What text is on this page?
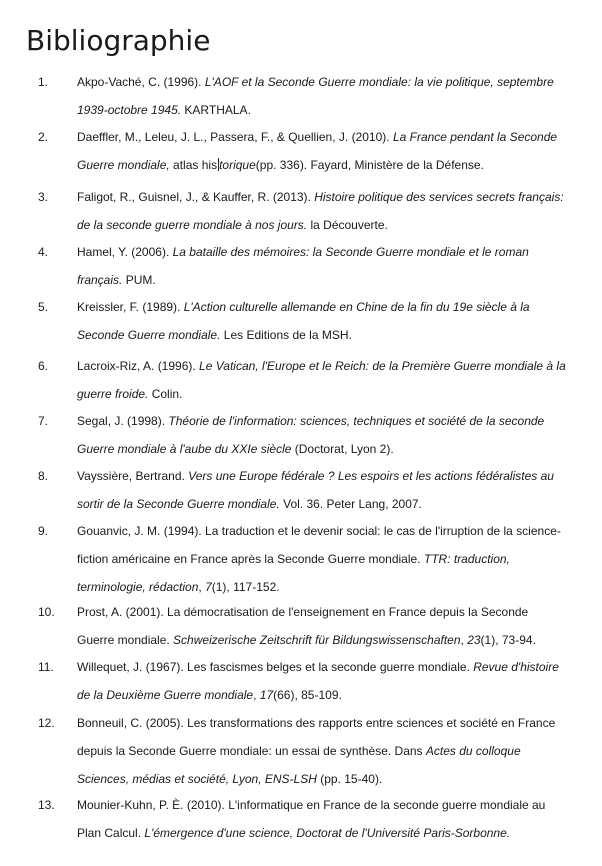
Bibliographie
1. Akpo-Vaché, C. (1996). L'AOF et la Seconde Guerre mondiale: la vie politique, septembre
1939-octobre 1945. KARTHALA.
2. Daeffler, M., Leleu, J. L., Passera, F., & Quellien, J. (2010). La France pendant la Seconde
Guerre mondiale, atlas his torique(pp. 336). Fayard, Ministère de la Défense.
3. Faligot, R., Guisnel, J., & Kauffer, R. (2013). Histoire politique des services secrets français:
de la seconde guerre mondiale à nos jours. la Découverte.
4. Hamel, Y. (2006). La bataille des mémoires: la Seconde Guerre mondiale et le roman
français. PUM.
5. Kreissler, F. (1989). L'Action culturelle allemande en Chine de la fin du 19e siècle à la
Seconde Guerre mondiale. Les Editions de la MSH.
6. Lacroix-Riz, A. (1996). Le Vatican, l'Europe et le Reich: de la Première Guerre mondiale à la
guerre froide. Colin.
7. Segal, J. (1998). Théorie de l'information: sciences, techniques et société de la seconde
Guerre mondiale à l'aube du XXIe siècle (Doctorat, Lyon 2).
8. Vayssière, Bertrand. Vers une Europe fédérale ? Les espoirs et les actions fédéralistes au
sortir de la Seconde Guerre mondiale. Vol. 36. Peter Lang, 2007.
9. Gouanvic, J. M. (1994). La traduction et le devenir social: le cas de l'irruption de la science-
fiction américaine en France après la Seconde Guerre mondiale. TTR: traduction,
terminologie, rédaction, 7(1), 117-152.
10. Prost, A. (2001). La démocratisation de l'enseignement en France depuis la Seconde
Guerre mondiale. Schweizerische Zeitschrift für Bildungswissenschaften, 23(1), 73-94.
11. Willequet, J. (1967). Les fascismes belges et la seconde guerre mondiale. Revue d'histoire
de la Deuxième Guerre mondiale, 17(66), 85-109.
12. Bonneuil, C. (2005). Les transformations des rapports entre sciences et société en France
depuis la Seconde Guerre mondiale: un essai de synthèse. Dans Actes du colloque
Sciences, médias et société, Lyon, ENS-LSH (pp. 15-40).
13. Mounier-Kuhn, P. È. (2010). L'informatique en France de la seconde guerre mondiale au
Plan Calcul. L'émergence d'une science, Doctorat de l'Université Paris-Sorbonne.
